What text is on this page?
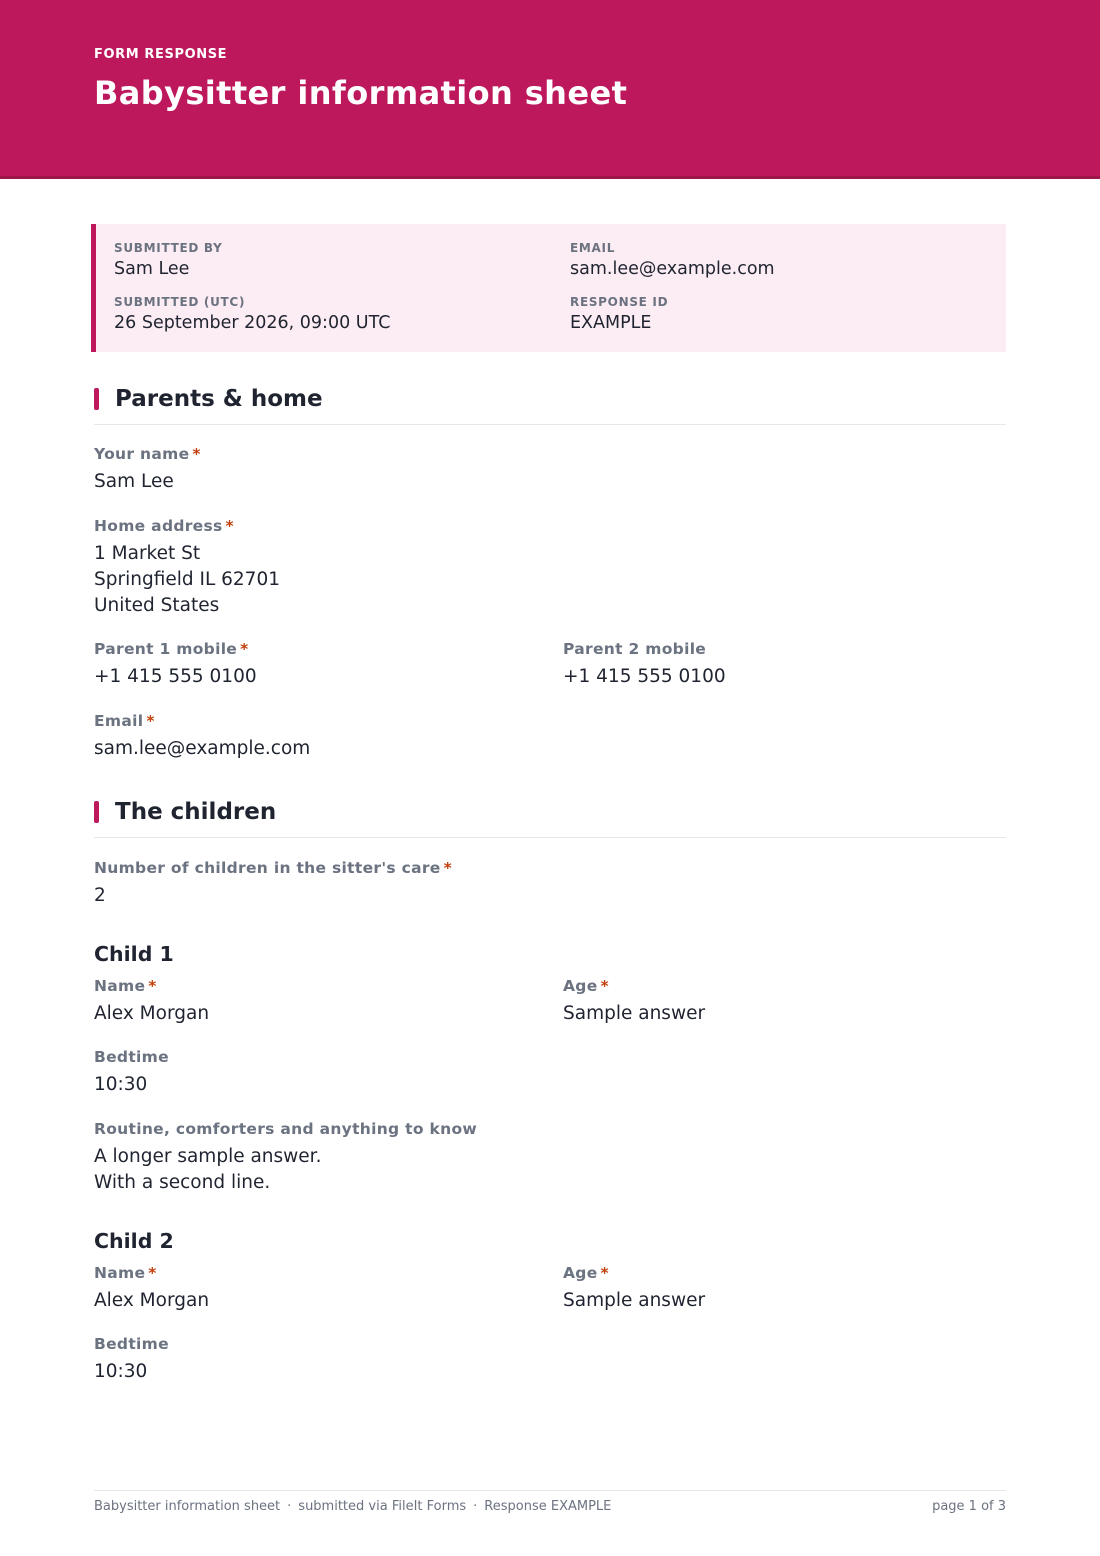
FORM RESPONSE
Babysitter information sheet
SUBMITTED BY
Sam Lee
EMAIL
sam.lee@example.com
SUBMITTED (UTC)
26 September 2026, 09:00 UTC
RESPONSE ID
EXAMPLE
Parents & home
Your name *
Sam Lee
Home address *
1 Market St
Springfield IL 62701
United States
Parent 1 mobile *
+1 415 555 0100
Parent 2 mobile
+1 415 555 0100
Email *
sam.lee@example.com
The children
Number of children in the sitter's care *
2
Child 1
Name *
Alex Morgan
Age *
Sample answer
Bedtime
10:30
Routine, comforters and anything to know
A longer sample answer.
With a second line.
Child 2
Name *
Alex Morgan
Age *
Sample answer
Bedtime
10:30
Babysitter information sheet · submitted via FileIt Forms · Response EXAMPLE	page 1 of 3
